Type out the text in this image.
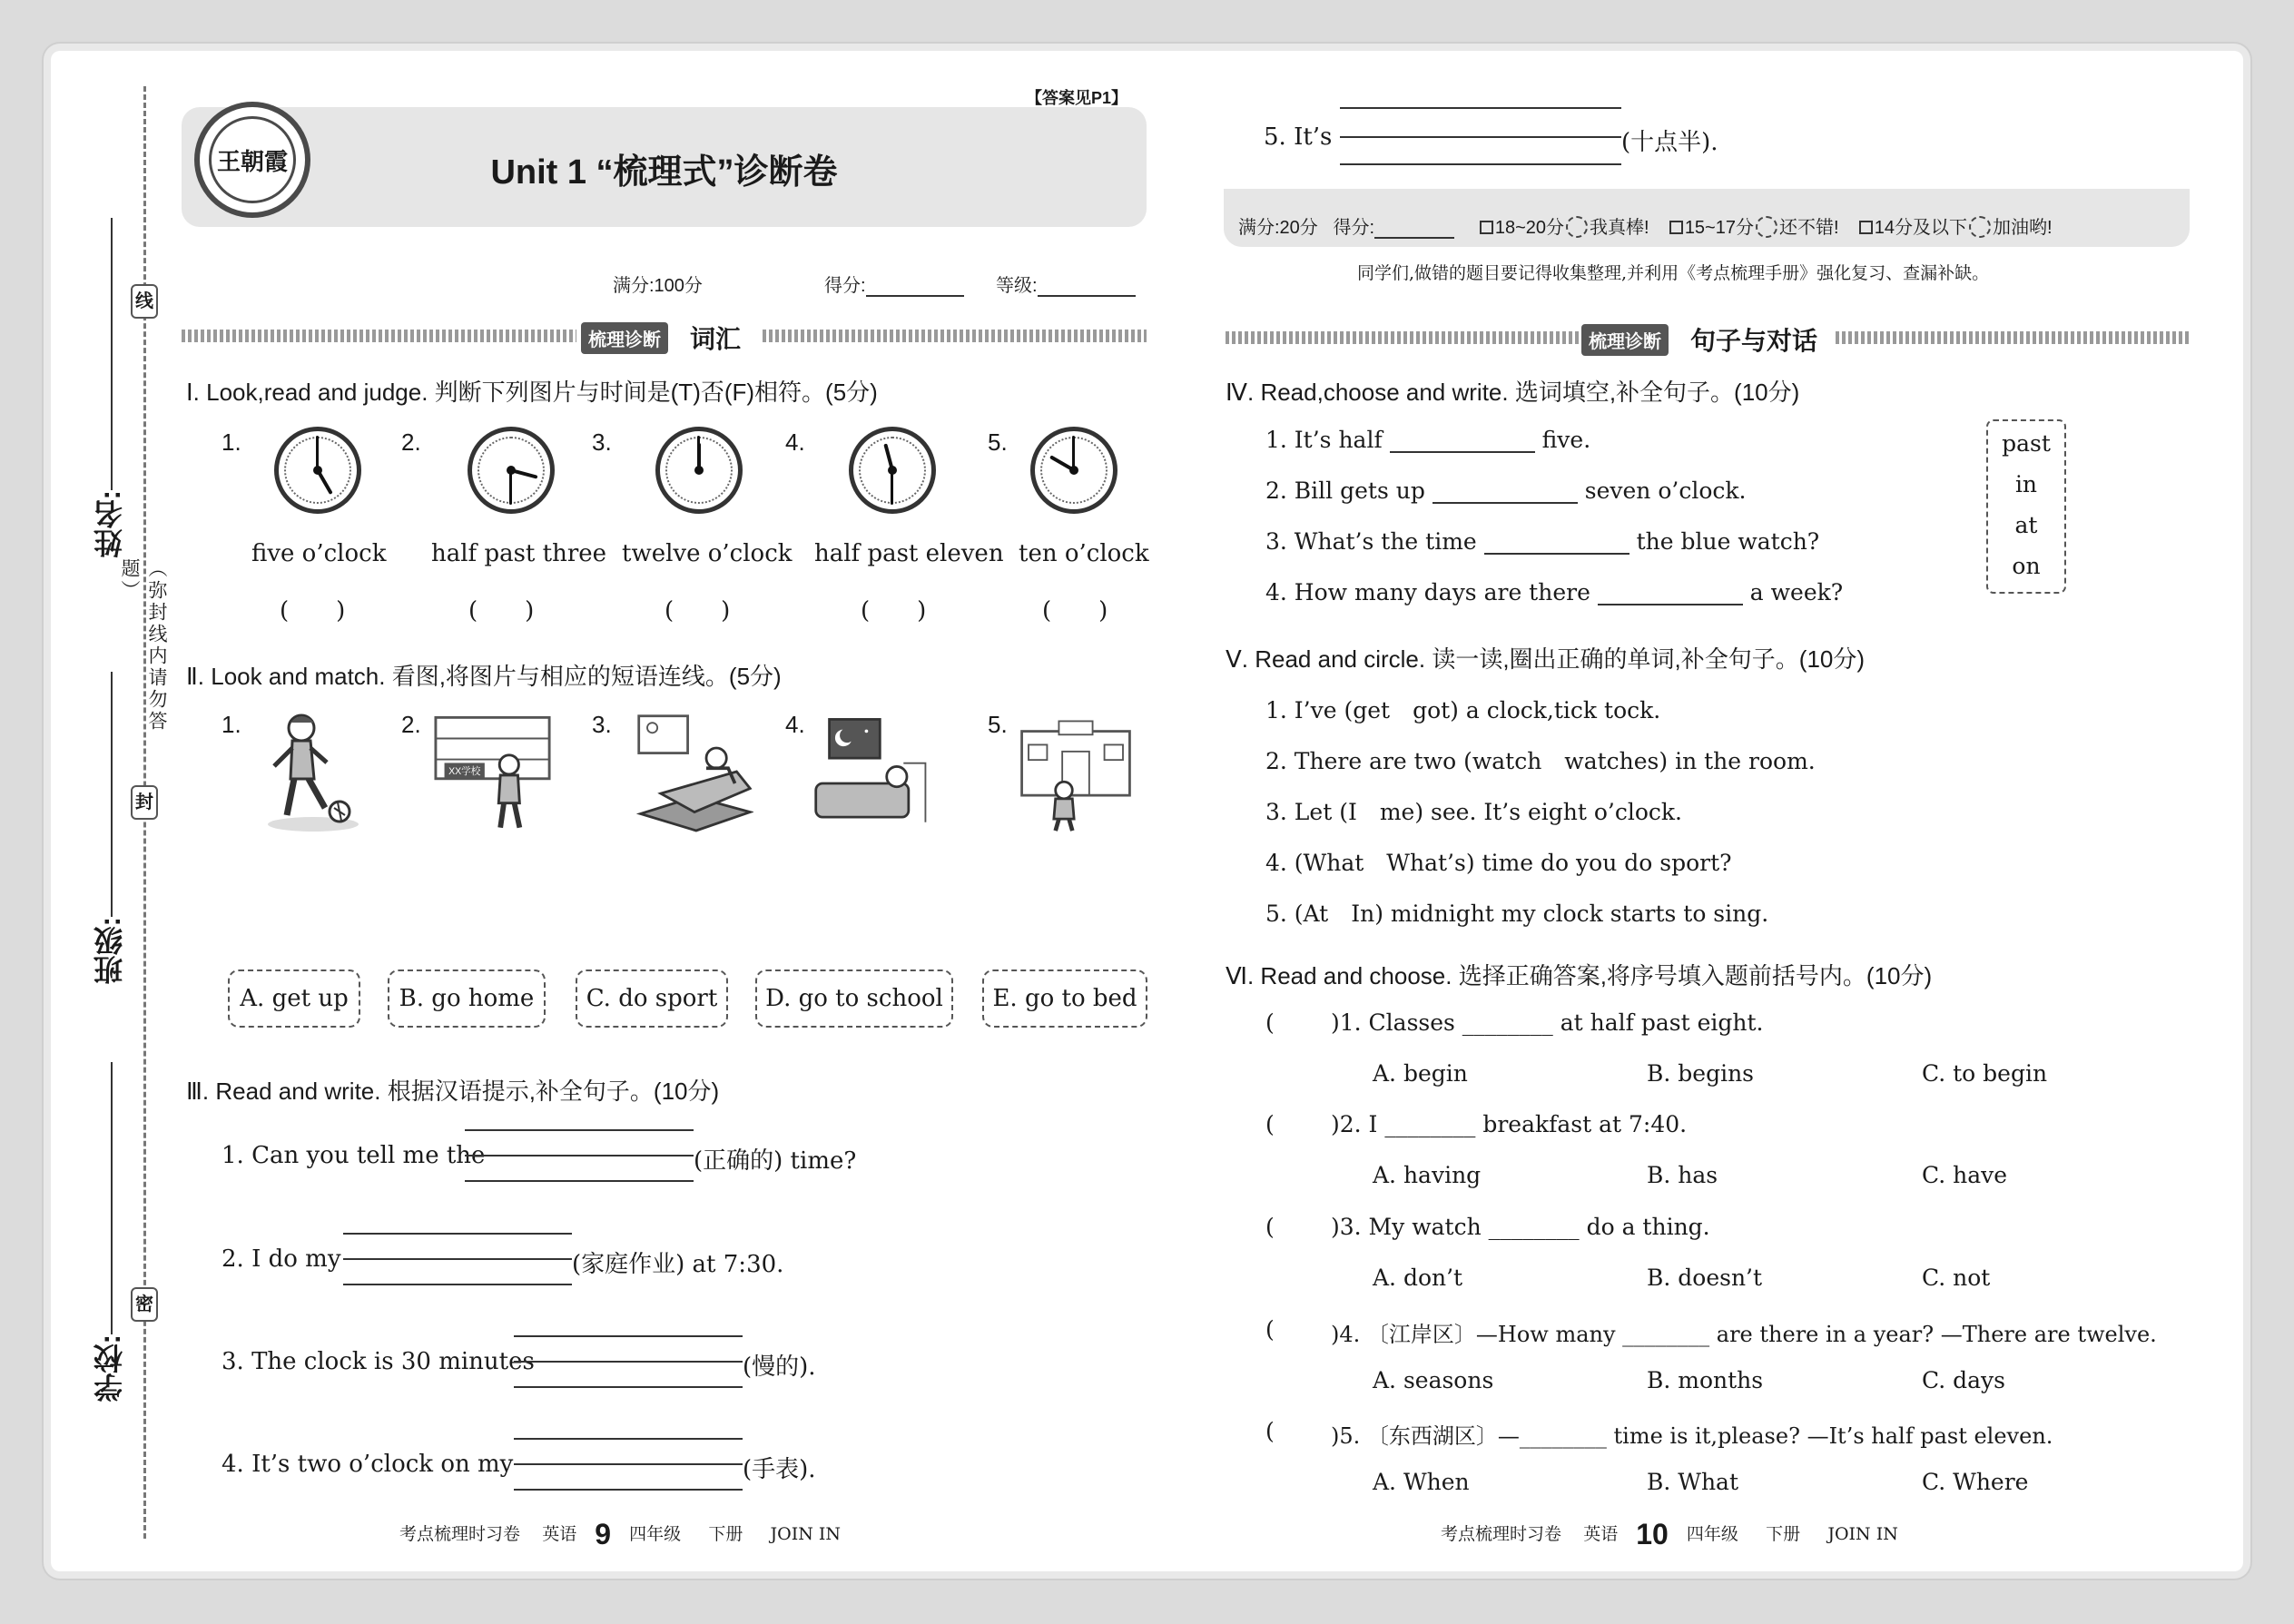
线
封
密
（弥封线内请勿答题）
姓名:
班级:
学校:
【答案见P1】
Unit 1 “梳理式”诊断卷
王朝霞
满分:100分	得分:	等级:
梳理诊断 词汇
Ⅰ. Look,read and judge. 判断下列图片与时间是(T)否(F)相符。(5分)
1.	2.	3.	4.	5.
five o’clock half past three twelve o’clock half past eleven ten o’clock
(　　)	(　　)	(　　)	(　　)	(　　)
Ⅱ. Look and match. 看图,将图片与相应的短语连线。(5分)
1.	2.	3.	4.	5.
XX学校
A. get up	B. go home	C. do sport	D. go to school	E. go to bed
Ⅲ. Read and write. 根据汉语提示,补全句子。(10分)
1. Can you tell me the	(正确的) time?
2. I do my	(家庭作业) at 7:30.
3. The clock is 30 minutes	(慢的).
4. It’s two o’clock on my	(手表).
考点梳理时习卷 英语 9 四年级 下册 JOIN IN
5. It’s	(十点半).
满分:20分 得分:	18~20分 我真棒! 15~17分 还不错! 14分及以下 加油哟!
同学们,做错的题目要记得收集整理,并利用《考点梳理手册》强化复习、查漏补缺。
梳理诊断 句子与对话
Ⅳ. Read,choose and write. 选词填空,补全句子。(10分)
1. It’s half	five.
2. Bill gets up	seven o’clock.
3. What’s the time	the blue watch?
4. How many days are there	a week?
past
in
at
on
Ⅴ. Read and circle. 读一读,圈出正确的单词,补全句子。(10分)
1. I’ve (get　got) a clock,tick tock.
2. There are two (watch　watches) in the room.
3. Let (I　me) see. It’s eight o’clock.
4. (What　What’s) time do you do sport?
5. (At　In) midnight my clock starts to sing.
Ⅵ. Read and choose. 选择正确答案,将序号填入题前括号内。(10分)
( )1. Classes ________ at half past eight.
A. begin	B. begins	C. to begin
( )2. I ________ breakfast at 7:40.
A. having	B. has	C. have
( )3. My watch ________ do a thing.
A. don’t	B. doesn’t	C. not
(	)4. 〔江岸区〕—How many ________ are there in a year? —There are twelve.
A. seasons	B. months	C. days
(	)5. 〔东西湖区〕—________ time is it,please? —It’s half past eleven.
A. When	B. What	C. Where
考点梳理时习卷 英语 10 四年级 下册 JOIN IN
